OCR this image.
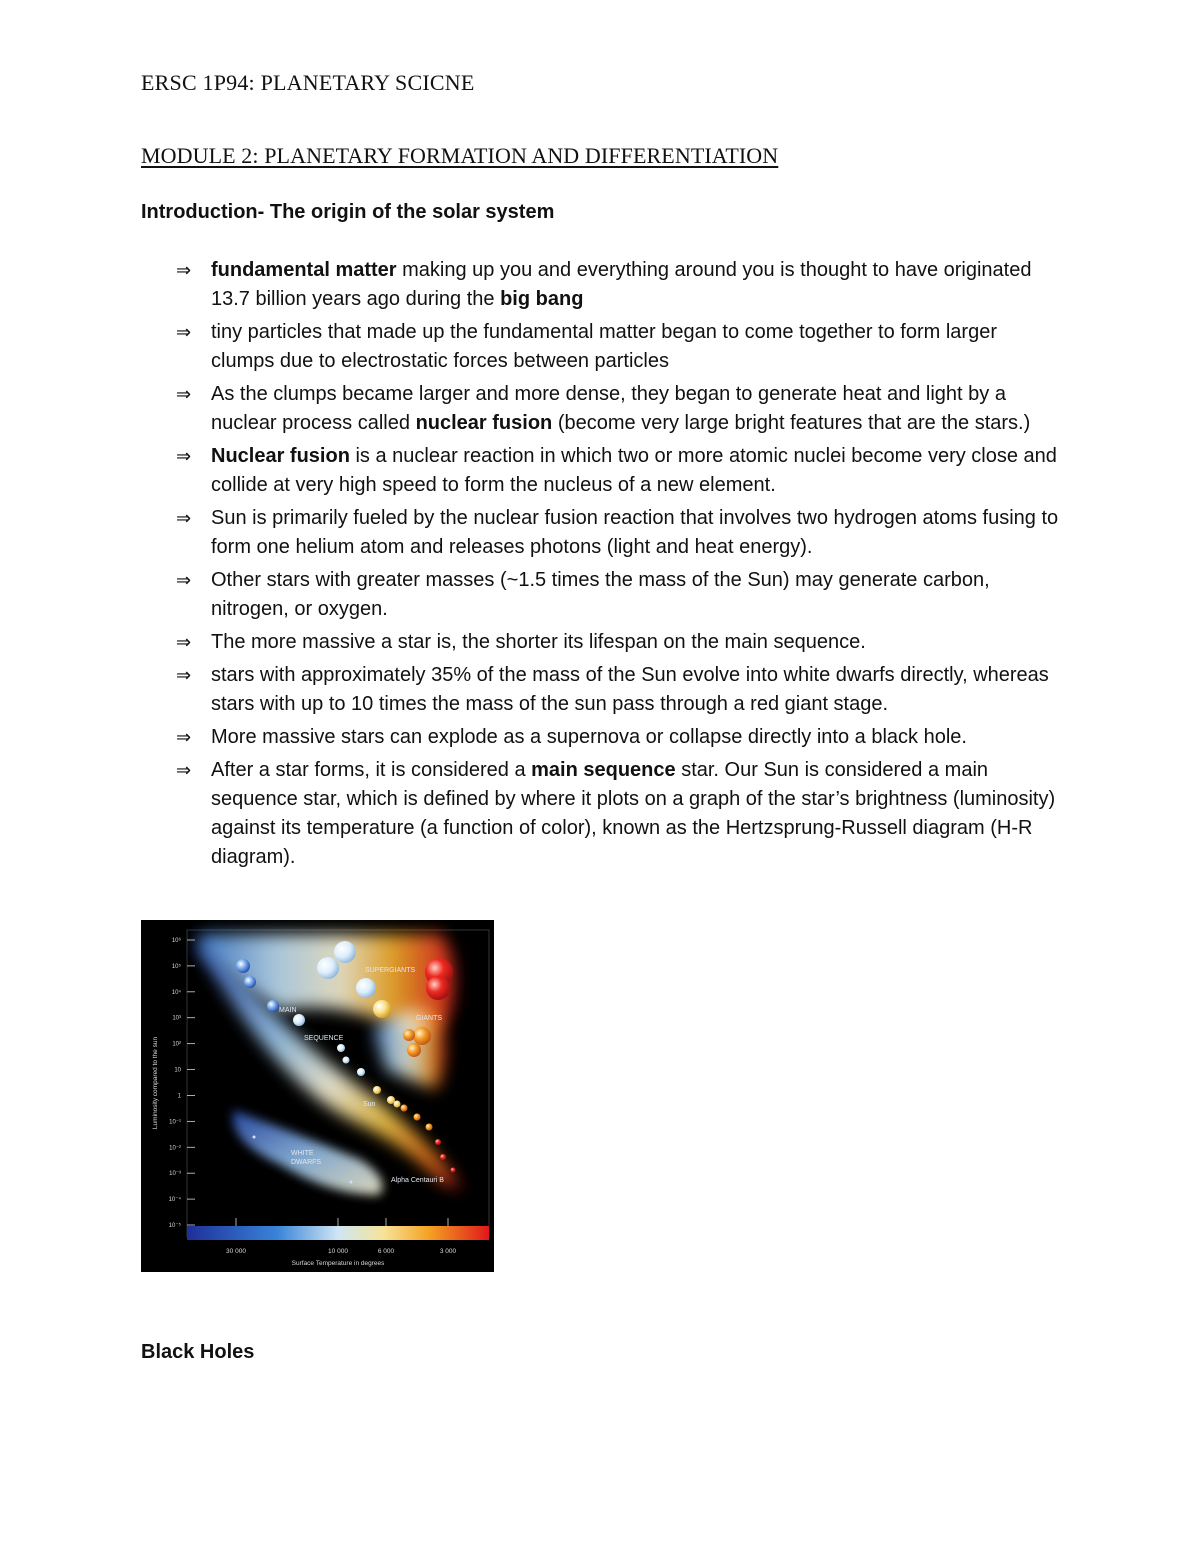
ERSC 1P94: PLANETARY SCICNE
MODULE 2: PLANETARY FORMATION AND DIFFERENTIATION
Introduction- The origin of the solar system
⇒ fundamental matter making up you and everything around you is thought to have originated 13.7 billion years ago during the big bang
⇒ tiny particles that made up the fundamental matter began to come together to form larger clumps due to electrostatic forces between particles
⇒ As the clumps became larger and more dense, they began to generate heat and light by a nuclear process called nuclear fusion (become very large bright features that are the stars.)
⇒ Nuclear fusion is a nuclear reaction in which two or more atomic nuclei become very close and collide at very high speed to form the nucleus of a new element.
⇒ Sun is primarily fueled by the nuclear fusion reaction that involves two hydrogen atoms fusing to form one helium atom and releases photons (light and heat energy).
⇒ Other stars with greater masses (~1.5 times the mass of the Sun) may generate carbon, nitrogen, or oxygen.
⇒ The more massive a star is, the shorter its lifespan on the main sequence.
⇒ stars with approximately 35% of the mass of the Sun evolve into white dwarfs directly, whereas stars with up to 10 times the mass of the sun pass through a red giant stage.
⇒ More massive stars can explode as a supernova or collapse directly into a black hole.
⇒ After a star forms, it is considered a main sequence star. Our Sun is considered a main sequence star, which is defined by where it plots on a graph of the star’s brightness (luminosity) against its temperature (a function of color), known as the Hertzsprung-Russell diagram (H-R diagram).
SUPERGIANTS
GIANTS
MAIN
SEQUENCE
Sun
WHITE
DWARFS
Alpha Centauri B
10⁶
10⁵
10⁴
10³
10²
10
1
10⁻¹
10⁻²
10⁻³
10⁻⁴
10⁻⁵
Luminosity compared to the sun
30 000	10 000	6 000	3 000
Surface Temperature in degrees
Black Holes
